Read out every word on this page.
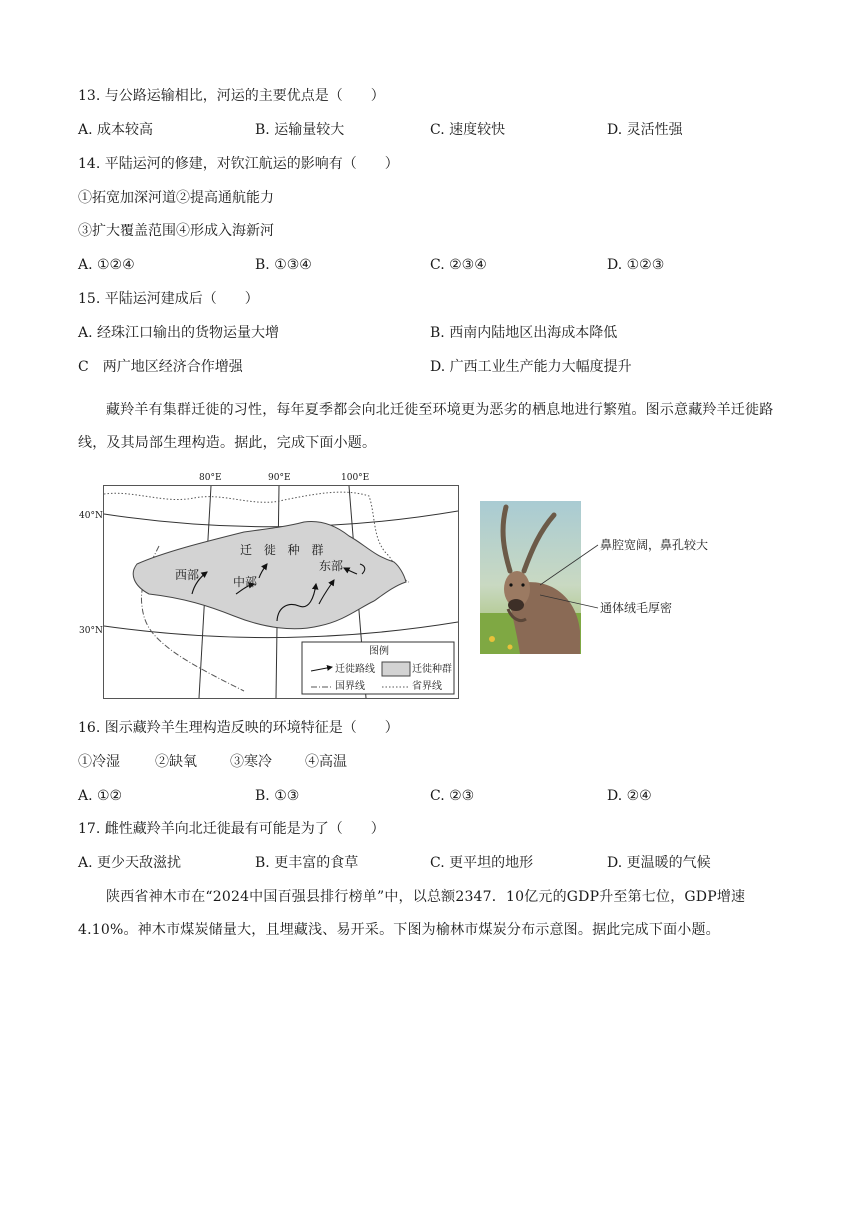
13. 与公路运输相比，河运的主要优点是（　　）
A. 成本较高	B. 运输量较大	C. 速度较快	D. 灵活性强
14. 平陆运河的修建，对钦江航运的影响有（　　）
①拓宽加深河道②提高通航能力
③扩大覆盖范围④形成入海新河
A. ①②④	B. ①③④	C. ②③④	D. ①②③
15. 平陆运河建成后（　　）
A. 经珠江口输出的货物运量大增	B. 西南内陆地区出海成本降低
C　两广地区经济合作增强	D. 广西工业生产能力大幅度提升
藏羚羊有集群迁徙的习性，每年夏季都会向北迁徙至环境更为恶劣的栖息地进行繁殖。图示意藏羚羊迁徙路线，及其局部生理构造。据此，完成下面小题。
80°E	90°E	100°E
40°N
30°N
迁 徙 种 群
西部	中部
东部
图例
迁徙路线	迁徙种群
国界线	省界线
鼻腔宽阔，鼻孔较大
通体绒毛厚密
16. 图示藏羚羊生理构造反映的环境特征是（　　）
①冷湿	②缺氧 ③寒冷 ④高温
A. ①②	B. ①③	C. ②③	D. ②④
17. 雌性藏羚羊向北迁徙最有可能是为了（　　）
A. 更少天敌滋扰	B. 更丰富的食草	C. 更平坦的地形	D. 更温暖的气候
陕西省神木市在“2024中国百强县排行榜单”中，以总额2347．10亿元的GDP升至第七位，GDP增速4.10%。神木市煤炭储量大，且埋藏浅、易开采。下图为榆林市煤炭分布示意图。据此完成下面小题。
